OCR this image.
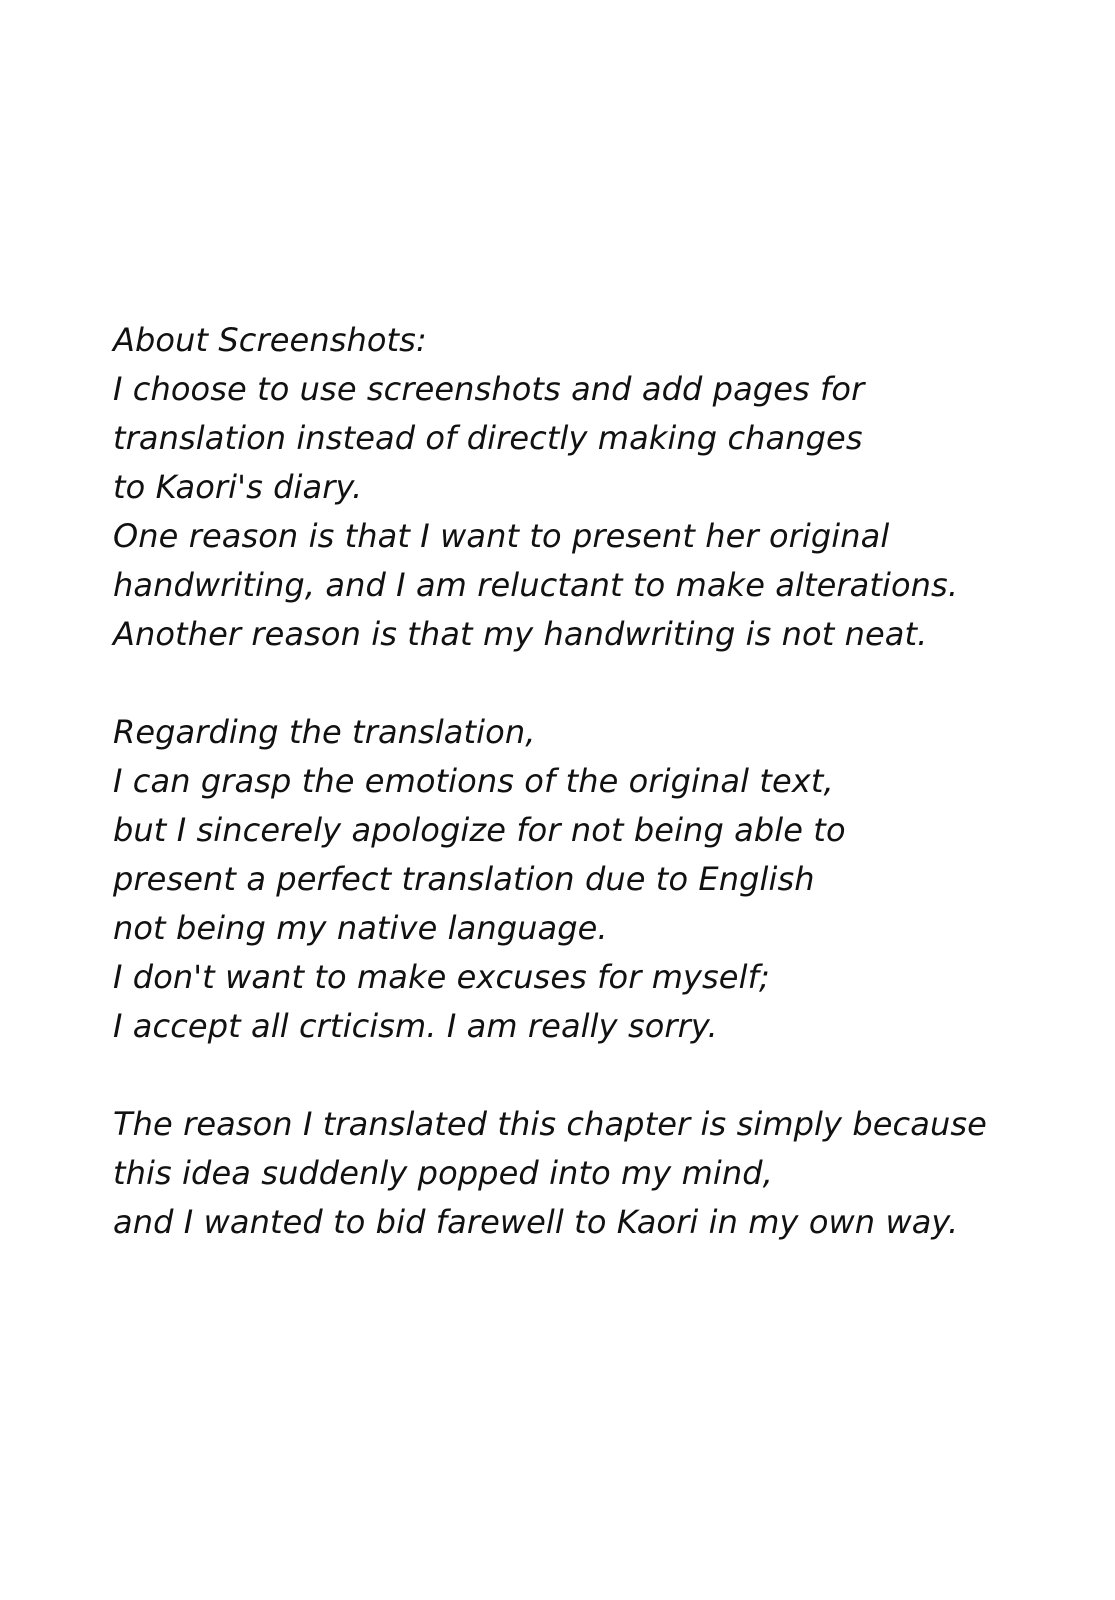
About Screenshots:
I choose to use screenshots and add pages for
translation instead of directly making changes
to Kaori's diary.
One reason is that I want to present her original
handwriting, and I am reluctant to make alterations.
Another reason is that my handwriting is not neat.
Regarding the translation,
I can grasp the emotions of the original text,
but I sincerely apologize for not being able to
present a perfect translation due to English
not being my native language.
I don't want to make excuses for myself;
I accept all crticism. I am really sorry.
The reason I translated this chapter is simply because
this idea suddenly popped into my mind,
and I wanted to bid farewell to Kaori in my own way.
